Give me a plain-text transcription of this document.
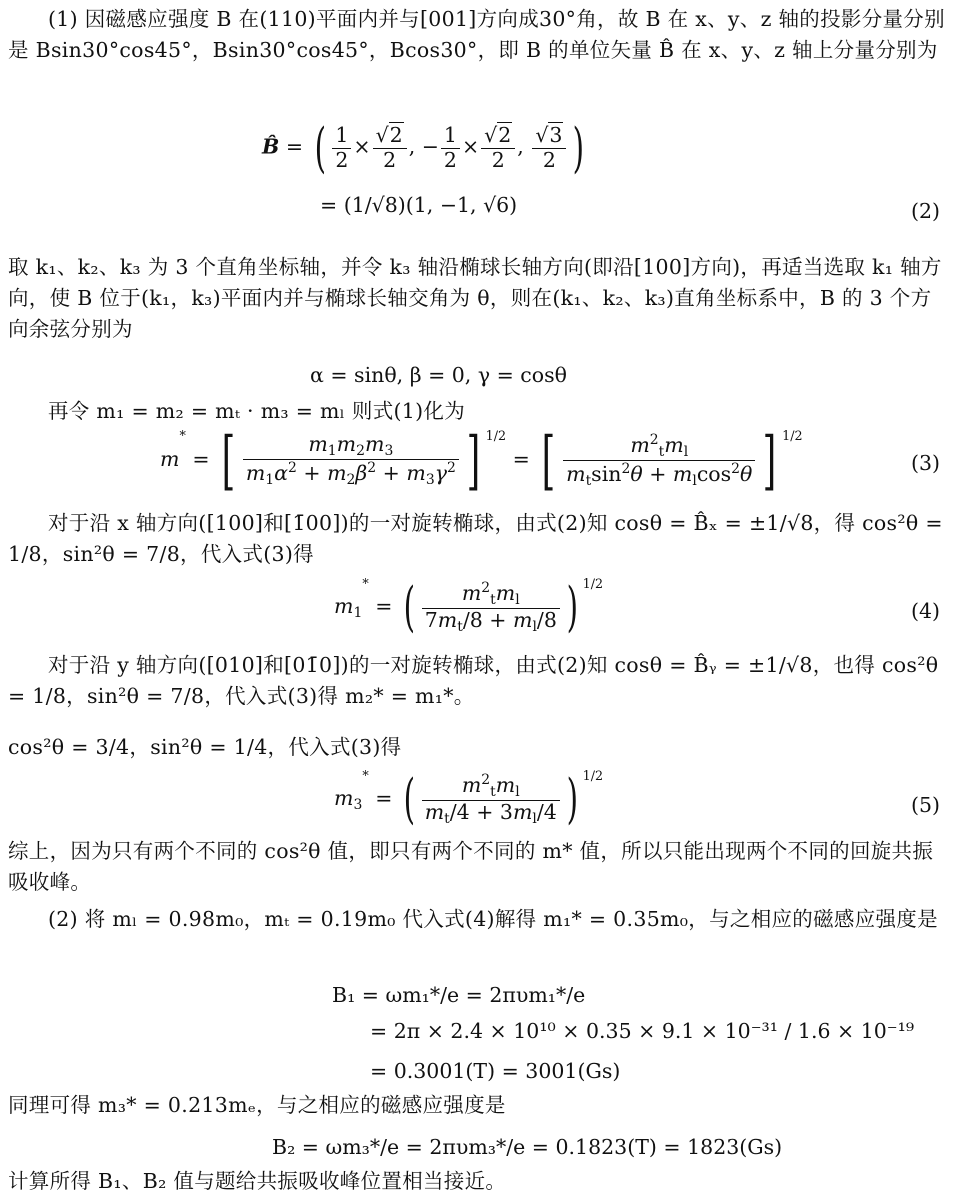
(1) 因磁感应强度 B 在(110)平面内并与[001]方向成30°角，故 B 在 x、y、z 轴的投影分量分别是 Bsin30°cos45°，Bsin30°cos45°，Bcos30°，即 B 的单位矢量 B̂ 在 x、y、z 轴上分量分别为

B̂ = ( $\frac{1}{2} \times \frac{√2}{2}$ , − $\frac{1}{2} \times \frac{√2}{2}$ , $\frac{√3}{2}$ )
= (1/√8)(1, −1, √6)	(2)

取 k₁、k₂、k₃ 为 3 个直角坐标轴，并令 k₃ 轴沿椭球长轴方向(即沿[100]方向)，再适当选取 k₁ 轴方向，使 B 位于(k₁，k₃)平面内并与椭球长轴交角为 θ，则在(k₁、k₂、k₃)直角坐标系中，B 的 3 个方向余弦分别为

α = sinθ, β = 0, γ = cosθ

再令 m₁ = m₂ = mₜ · m₃ = mₗ 则式(1)化为

m* = [ $\frac{m_1m_2m_3}{m_1\alpha^2 + m_2\beta^2 + m_3\gamma^2}$ ] $^{1/2}$ = [ $\frac{m^2_tm_l}{m_t\sin^2\theta + m_l\cos^2\theta}$ ] $^{1/2}$
(3)

对于沿 x 轴方向([100]和[1̄00])的一对旋转椭球，由式(2)知 cosθ = B̂ₓ = ±1/√8，得 cos²θ = 1/8，sin²θ = 7/8，代入式(3)得

$m_1^*$ = ( $\frac{m^2_tm_l}{7m_t/8 + m_l/8}$ ) $^{1/2}$
(4)

对于沿 y 轴方向([010]和[01̄0])的一对旋转椭球，由式(2)知 cosθ = B̂ᵧ = ±1/√8，也得 cos²θ = 1/8，sin²θ = 7/8，代入式(3)得 m₂* = m₁*。

cos²θ = 3/4，sin²θ = 1/4，代入式(3)得

$m_3^*$ = ( $\frac{m^2_tm_l}{m_t/4 + 3m_l/4}$ ) $^{1/2}$
(5)

综上，因为只有两个不同的 cos²θ 值，即只有两个不同的 m* 值，所以只能出现两个不同的回旋共振吸收峰。

(2) 将 mₗ = 0.98m₀，mₜ = 0.19m₀ 代入式(4)解得 m₁* = 0.35m₀，与之相应的磁感应强度是

B₁ = ωm₁*/e = 2πυm₁*/e
= 2π × 2.4 × 10¹⁰ × 0.35 × 9.1 × 10⁻³¹ / 1.6 × 10⁻¹⁹
= 0.3001(T) = 3001(Gs)

同理可得 m₃* = 0.213mₑ，与之相应的磁感应强度是

B₂ = ωm₃*/e = 2πυm₃*/e = 0.1823(T) = 1823(Gs)

计算所得 B₁、B₂ 值与题给共振吸收峰位置相当接近。
